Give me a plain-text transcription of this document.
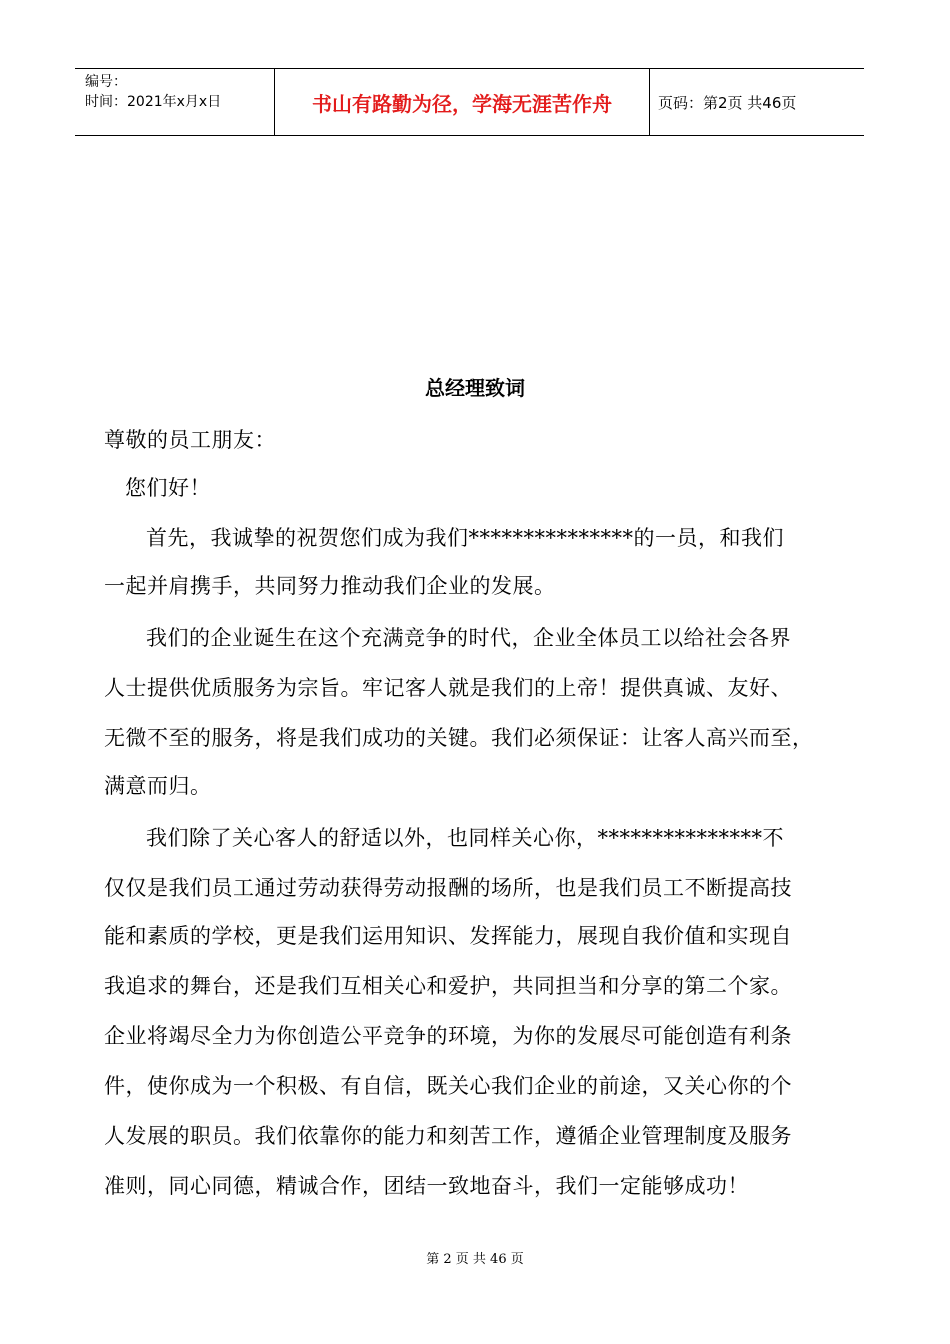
编号：
时间：2021年x月x日	书山有路勤为径，学海无涯苦作舟	页码：第2页 共46页
总经理致词
尊敬的员工朋友：
您们好！
首先，我诚挚的祝贺您们成为我们***************的一员，和我们
一起并肩携手，共同努力推动我们企业的发展。
我们的企业诞生在这个充满竞争的时代，企业全体员工以给社会各界
人士提供优质服务为宗旨。牢记客人就是我们的上帝！提供真诚、友好、
无微不至的服务，将是我们成功的关键。我们必须保证：让客人高兴而至，
满意而归。
我们除了关心客人的舒适以外，也同样关心你，***************不
仅仅是我们员工通过劳动获得劳动报酬的场所，也是我们员工不断提高技
能和素质的学校，更是我们运用知识、发挥能力，展现自我价值和实现自
我追求的舞台，还是我们互相关心和爱护，共同担当和分享的第二个家。
企业将竭尽全力为你创造公平竞争的环境，为你的发展尽可能创造有利条
件，使你成为一个积极、有自信，既关心我们企业的前途，又关心你的个
人发展的职员。我们依靠你的能力和刻苦工作，遵循企业管理制度及服务
准则，同心同德，精诚合作，团结一致地奋斗，我们一定能够成功！
第 2 页 共 46 页
